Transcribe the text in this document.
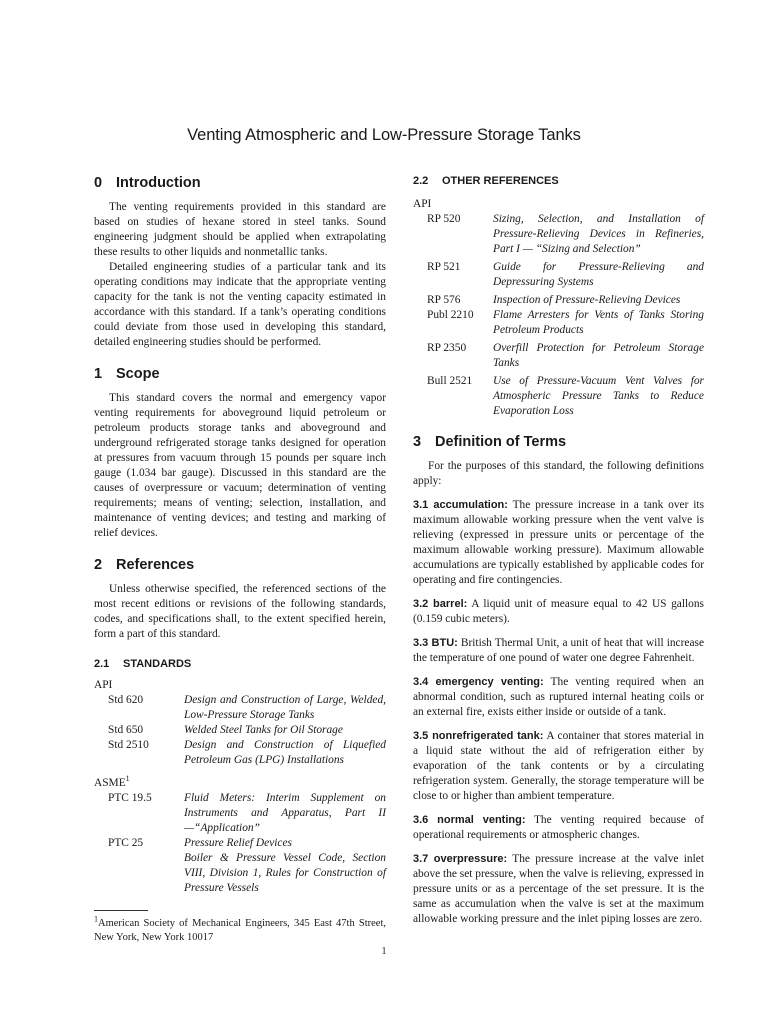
Venting Atmospheric and Low-Pressure Storage Tanks
0 Introduction

The venting requirements provided in this standard are based on studies of hexane stored in steel tanks. Sound engineering judgment should be applied when extrapolating these results to other liquids and nonmetallic tanks.

Detailed engineering studies of a particular tank and its operating conditions may indicate that the appropriate venting capacity for the tank is not the venting capacity estimated in accordance with this standard. If a tank’s operating conditions could deviate from those used in developing this standard, detailed engineering studies should be performed.

1 Scope

This standard covers the normal and emergency vapor venting requirements for aboveground liquid petroleum or petroleum products storage tanks and aboveground and underground refrigerated storage tanks designed for operation at pressures from vacuum through 15 pounds per square inch gauge (1.034 bar gauge). Discussed in this standard are the causes of overpressure or vacuum; determination of venting requirements; means of venting; selection, installation, and maintenance of venting devices; and testing and marking of relief devices.

2 References

Unless otherwise specified, the referenced sections of the most recent editions or revisions of the following standards, codes, and specifications shall, to the extent specified herein, form a part of this standard.

2.1 STANDARDS
API
Std 620	Design and Construction of Large, Welded, Low-Pressure Storage Tanks
Std 650	Welded Steel Tanks for Oil Storage
Std 2510	Design and Construction of Liquefied Petroleum Gas (LPG) Installations
ASME$^1$
PTC 19.5	Fluid Meters: Interim Supplement on Instruments and Apparatus, Part II—“Application”
PTC 25	Pressure Relief Devices
Boiler & Pressure Vessel Code, Section VIII, Division 1, Rules for Construction of Pressure Vessels
$^1$American Society of Mechanical Engineers, 345 East 47th Street, New York, New York 10017
2.2 OTHER REFERENCES
API
RP 520	Sizing, Selection, and Installation of Pressure-Relieving Devices in Refineries, Part I — “Sizing and Selection”
RP 521	Guide for Pressure-Relieving and Depressuring Systems
RP 576	Inspection of Pressure-Relieving Devices
Publ 2210	Flame Arresters for Vents of Tanks Storing Petroleum Products
RP 2350	Overfill Protection for Petroleum Storage Tanks
Bull 2521	Use of Pressure-Vacuum Vent Valves for Atmospheric Pressure Tanks to Reduce Evaporation Loss
3 Definition of Terms

For the purposes of this standard, the following definitions apply:

3.1 accumulation: The pressure increase in a tank over its maximum allowable working pressure when the vent valve is relieving (expressed in pressure units or percentage of the maximum allowable working pressure). Maximum allowable accumulations are typically established by applicable codes for operating and fire contingencies.

3.2 barrel: A liquid unit of measure equal to 42 US gallons (0.159 cubic meters).

3.3 BTU: British Thermal Unit, a unit of heat that will increase the temperature of one pound of water one degree Fahrenheit.

3.4 emergency venting: The venting required when an abnormal condition, such as ruptured internal heating coils or an external fire, exists either inside or outside of a tank.

3.5 nonrefrigerated tank: A container that stores material in a liquid state without the aid of refrigeration either by evaporation of the tank contents or by a circulating refrigeration system. Generally, the storage temperature will be close to or higher than ambient temperature.

3.6 normal venting: The venting required because of operational requirements or atmospheric changes.

3.7 overpressure: The pressure increase at the valve inlet above the set pressure, when the valve is relieving, expressed in pressure units or as a percentage of the set pressure. It is the same as accumulation when the valve is set at the maximum allowable working pressure and the inlet piping losses are zero.

1
